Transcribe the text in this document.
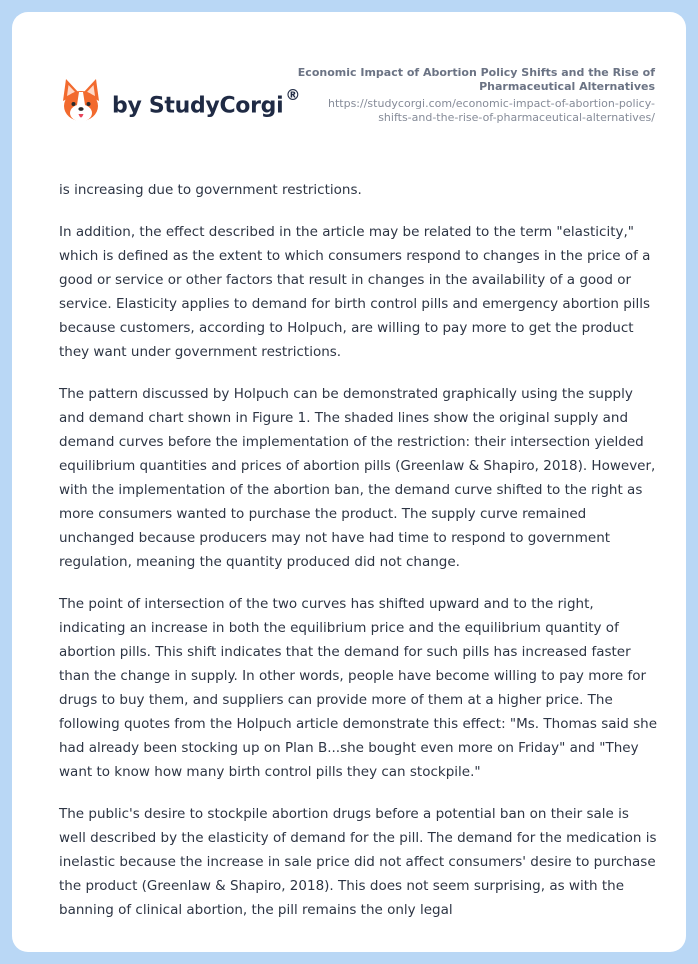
by StudyCorgi ®
Economic Impact of Abortion Policy Shifts and the Rise of Pharmaceutical Alternatives
https://studycorgi.com/economic-impact-of-abortion-policy-shifts-and-the-rise-of-pharmaceutical-alternatives/

is increasing due to government restrictions.

In addition, the effect described in the article may be related to the term "elasticity," which is defined as the extent to which consumers respond to changes in the price of a good or service or other factors that result in changes in the availability of a good or service. Elasticity applies to demand for birth control pills and emergency abortion pills because customers, according to Holpuch, are willing to pay more to get the product they want under government restrictions.

The pattern discussed by Holpuch can be demonstrated graphically using the supply and demand chart shown in Figure 1. The shaded lines show the original supply and demand curves before the implementation of the restriction: their intersection yielded equilibrium quantities and prices of abortion pills (Greenlaw & Shapiro, 2018). However, with the implementation of the abortion ban, the demand curve shifted to the right as more consumers wanted to purchase the product. The supply curve remained unchanged because producers may not have had time to respond to government regulation, meaning the quantity produced did not change.

The point of intersection of the two curves has shifted upward and to the right, indicating an increase in both the equilibrium price and the equilibrium quantity of abortion pills. This shift indicates that the demand for such pills has increased faster than the change in supply. In other words, people have become willing to pay more for drugs to buy them, and suppliers can provide more of them at a higher price. The following quotes from the Holpuch article demonstrate this effect: "Ms. Thomas said she had already been stocking up on Plan B...she bought even more on Friday" and "They want to know how many birth control pills they can stockpile."

The public's desire to stockpile abortion drugs before a potential ban on their sale is well described by the elasticity of demand for the pill. The demand for the medication is inelastic because the increase in sale price did not affect consumers' desire to purchase the product (Greenlaw & Shapiro, 2018). This does not seem surprising, as with the banning of clinical abortion, the pill remains the only legal
